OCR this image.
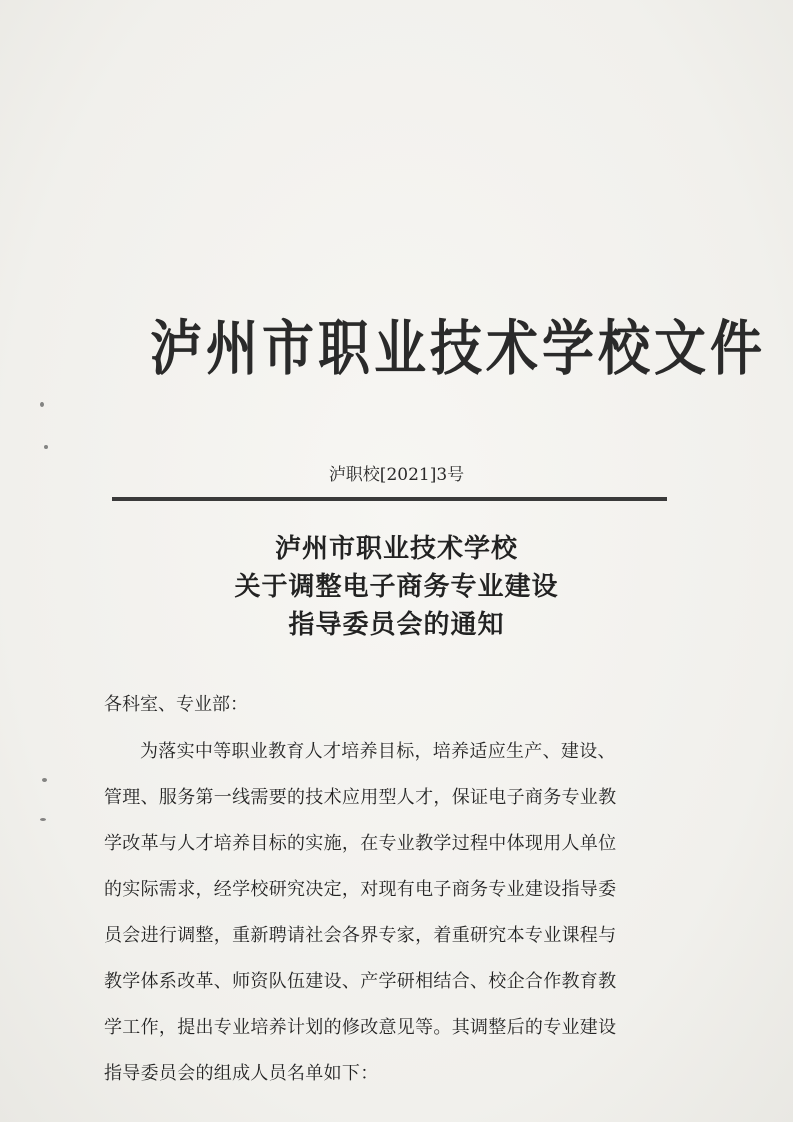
泸州市职业技术学校文件
泸职校[2021]3号
泸州市职业技术学校
关于调整电子商务专业建设
指导委员会的通知
各科室、专业部：
为落实中等职业教育人才培养目标，培养适应生产、建设、
管理、服务第一线需要的技术应用型人才，保证电子商务专业教
学改革与人才培养目标的实施，在专业教学过程中体现用人单位
的实际需求，经学校研究决定，对现有电子商务专业建设指导委
员会进行调整，重新聘请社会各界专家，着重研究本专业课程与
教学体系改革、师资队伍建设、产学研相结合、校企合作教育教
学工作，提出专业培养计划的修改意见等。其调整后的专业建设
指导委员会的组成人员名单如下：
